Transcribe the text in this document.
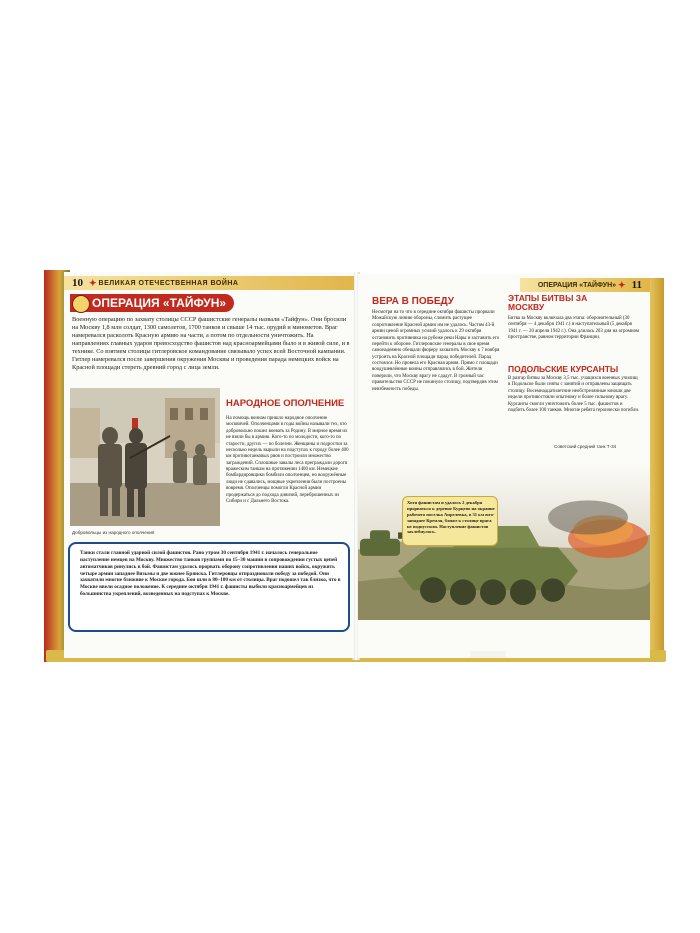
10 ✦ ВЕЛИКАЯ ОТЕЧЕСТВЕННАЯ ВОЙНА
ОПЕРАЦИЯ «ТАЙФУН»
Военную операцию по захвату столицы СССР фашистские генералы назвали «Тайфун». Они бросили на Москву 1,8 млн солдат, 1300 самолетов, 1700 танков и свыше 14 тыс. орудий и минометов. Враг намеревался расколоть Красную армию на части, а потом по отдельности уничтожить. На направлениях главных ударов превосходство фашистов над красноармейцами было и в живой силе, и в технике. Со взятием столицы гитлеровское командование связывало успех всей Восточной кампании. Гитлер намеревался после завершения окружения Москвы и проведения парада немецких войск на Красной площади стереть древний город с лица земли.
Добровольцы из народного ополчения
НАРОДНОЕ ОПОЛЧЕНИЕ
На помощь воинам пришло народное ополчение москвичей. Ополченцами в годы войны называли тех, кто добровольно пошел воевать за Родину. В мирное время их не взяли бы в армию. Кого-то по молодости, кого-то по старости, других — по болезни. Женщины и подростки за несколько недель вырыли на подступах к городу более 400 км противотанковых рвов и построили множество заграждений. Сплошные завалы леса преграждали дороги вражеским танкам на протяжении 1400 км. Немецкие бомбардировщики бомбили ополченцев, но вооружённые люди не сдавались, мощные укрепления были построены вовремя. Ополченцы помогли Красной армии продержаться до подхода дивизий, переброшенных из Сибири и с Дальнего Востока.
Танки стали главной ударной силой фашистов. Рано утром 30 сентября 1941 г. началось генеральное наступление немцев на Москву. Множество танков группами по 15–30 машин в сопровождении густых цепей автоматчиков ринулись в бой. Фашистам удалось прорвать оборону сопротивления наших войск, окружить четыре армии западнее Вязьмы и две южнее Брянска. Гитлеровцы отпраздновали победу за победой. Они захватили многие ближние к Москве города. Бои шли в 80–100 км от столицы. Враг подошел так близко, что в Москве ввели осадное положение. К середине октября 1941 г. фашисты выбили красноармейцев из большинства укреплений, возведенных на подступах к Москве.
ОПЕРАЦИЯ «ТАЙФУН» ✦ 11
ВЕРА В ПОБЕДУ
Несмотря на то что в середине октября фашисты прорвали Можайскую линию обороны, сломить растущее сопротивление Красной армии им не удалось. Частям 43-й армии ценой огромных усилий удалось к 29 октября остановить противника на рубеже реки Нары и заставить его перейти к обороне. Гитлеровские генералы в свое время самонадеянно обещали фюреру захватить Москву к 7 ноября устроить на Красной площади парад победителей. Парад состоялся. Но провела его Красная армия. Прямо с площади воодушевлённые воины отправлялись в бой. Жители поверили, что Москву врагу не сдадут. В грозный час правительство СССР не покинуло столицу, подтвердив этим неизбежность победы.
ЭТАПЫ БИТВЫ ЗА МОСКВУ
Битва за Москву включала два этапа: оборонительный (30 сентября — 4 декабря 1941 г.) и наступательный (5 декабря 1941 г. — 20 апреля 1942 г.). Она длилась 203 дня на огромном пространстве, равном территории Франции.
ПОДОЛЬСКИЕ КУРСАНТЫ
В разгар битвы за Москву 3,5 тыс. учащихся военных училищ в Подольске были сняты с занятий и отправлены защищать столицу. Восемнадцатилетние необстрелянные юноши две недели противостояли опытному и более сильному врагу. Курсанты смогли уничтожить более 5 тыс. фашистов и подбить более 100 танков. Многие ребята героически погибли.
Советский средний танк Т-34
Хотя фашистам и удалось 2 декабря прорваться к деревне Бурцево на окраине рабочего поселка Апрелевка, в 31 км юго-западнее Кремля, ближе к столице врага не подпустили. Наступление фашистов захлебнулось.
